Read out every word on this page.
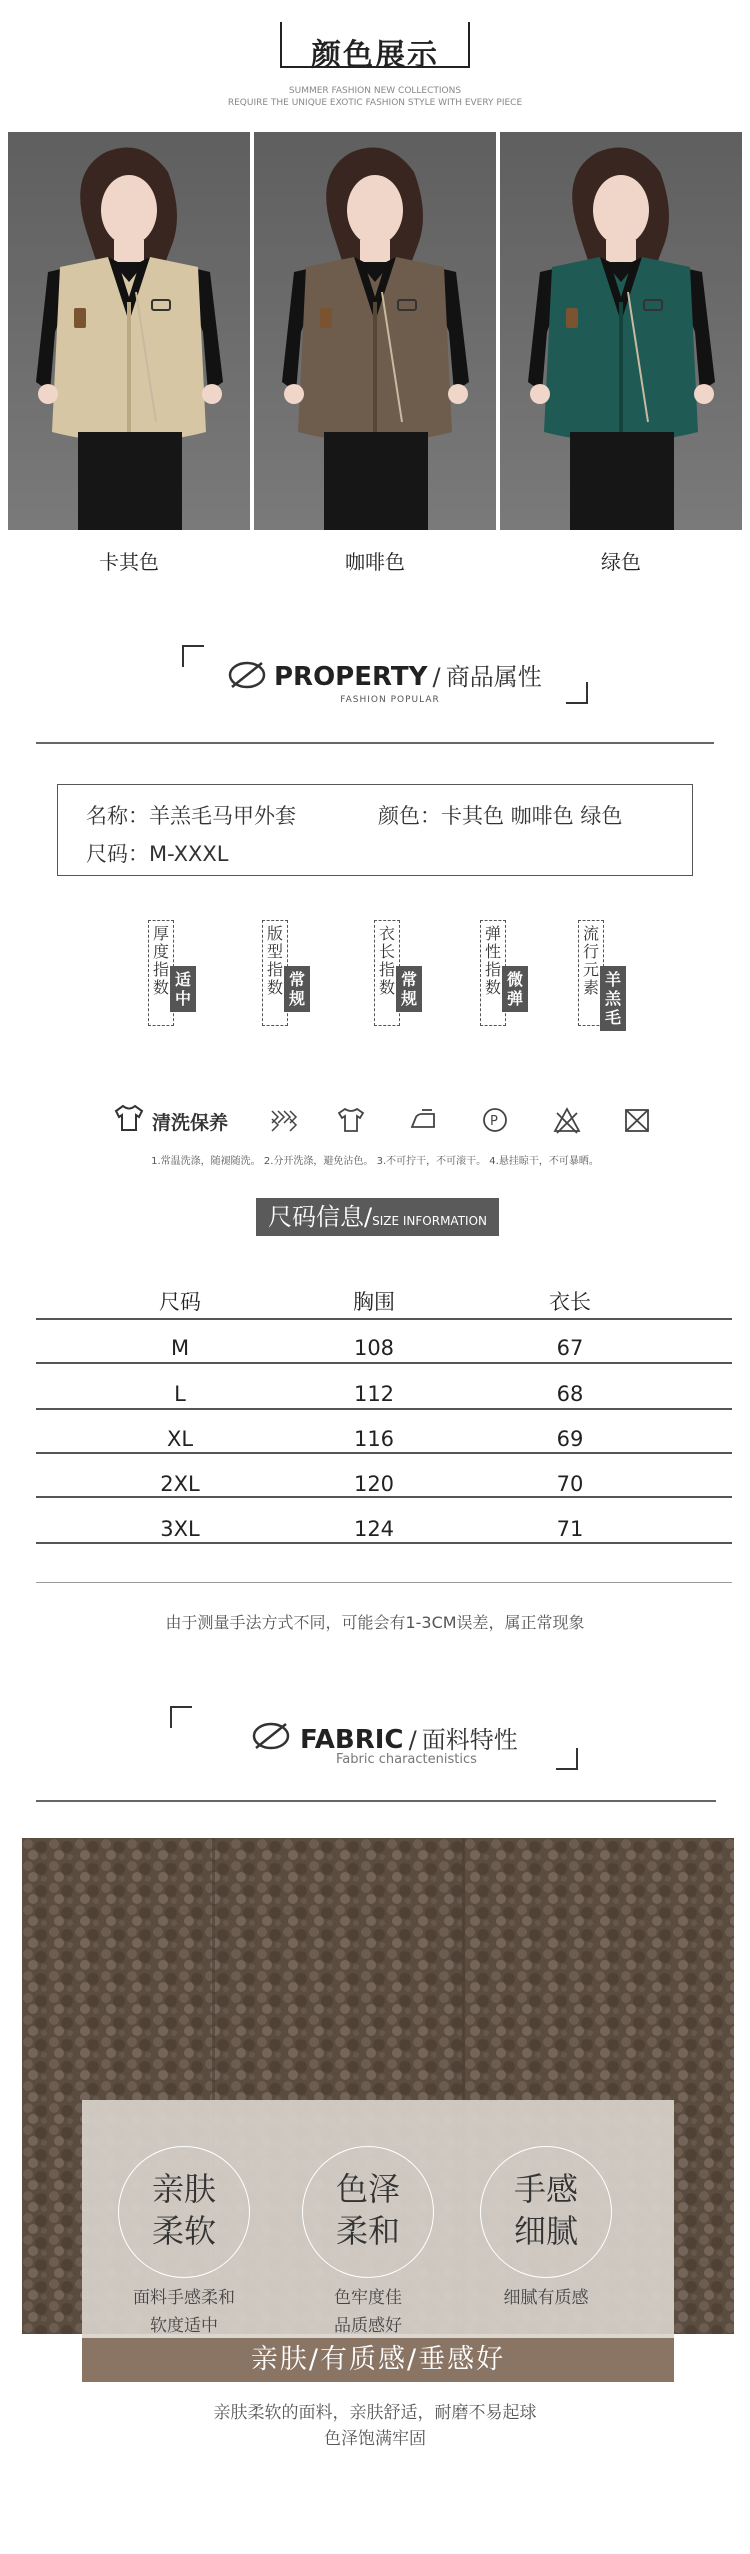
颜色展示
SUMMER FASHION NEW COLLECTIONS
REQUIRE THE UNIQUE EXOTIC FASHION STYLE WITH EVERY PIECE
卡其色	咖啡色	绿色
PROPERTY / 商品属性
FASHION POPULAR
名称：羊羔毛马甲外套	颜色：卡其色 咖啡色 绿色
尺码：M-XXXL
厚度指数 适中
版型指数 常规
衣长指数 常规
弹性指数 微弹
流行元素 羊羔毛
清洗保养	P
1.常温洗涤，随褪随洗。 2.分开洗涤，避免沾色。 3.不可拧干，不可滚干。 4.悬挂晾干，不可暴晒。
尺码信息/SIZE INFORMATION
尺码	胸围	衣长
M	108	67
L	112	68
XL	116	69
2XL	120	70
3XL	124	71
由于测量手法方式不同，可能会有1-3CM误差，属正常现象
FABRIC / 面料特性
Fabric charactenistics
亲肤
柔软
面料手感柔和
软度适中
色泽
柔和
色牢度佳
品质感好
手感
细腻
细腻有质感
亲肤/有质感/垂感好
亲肤柔软的面料，亲肤舒适，耐磨不易起球
色泽饱满牢固
